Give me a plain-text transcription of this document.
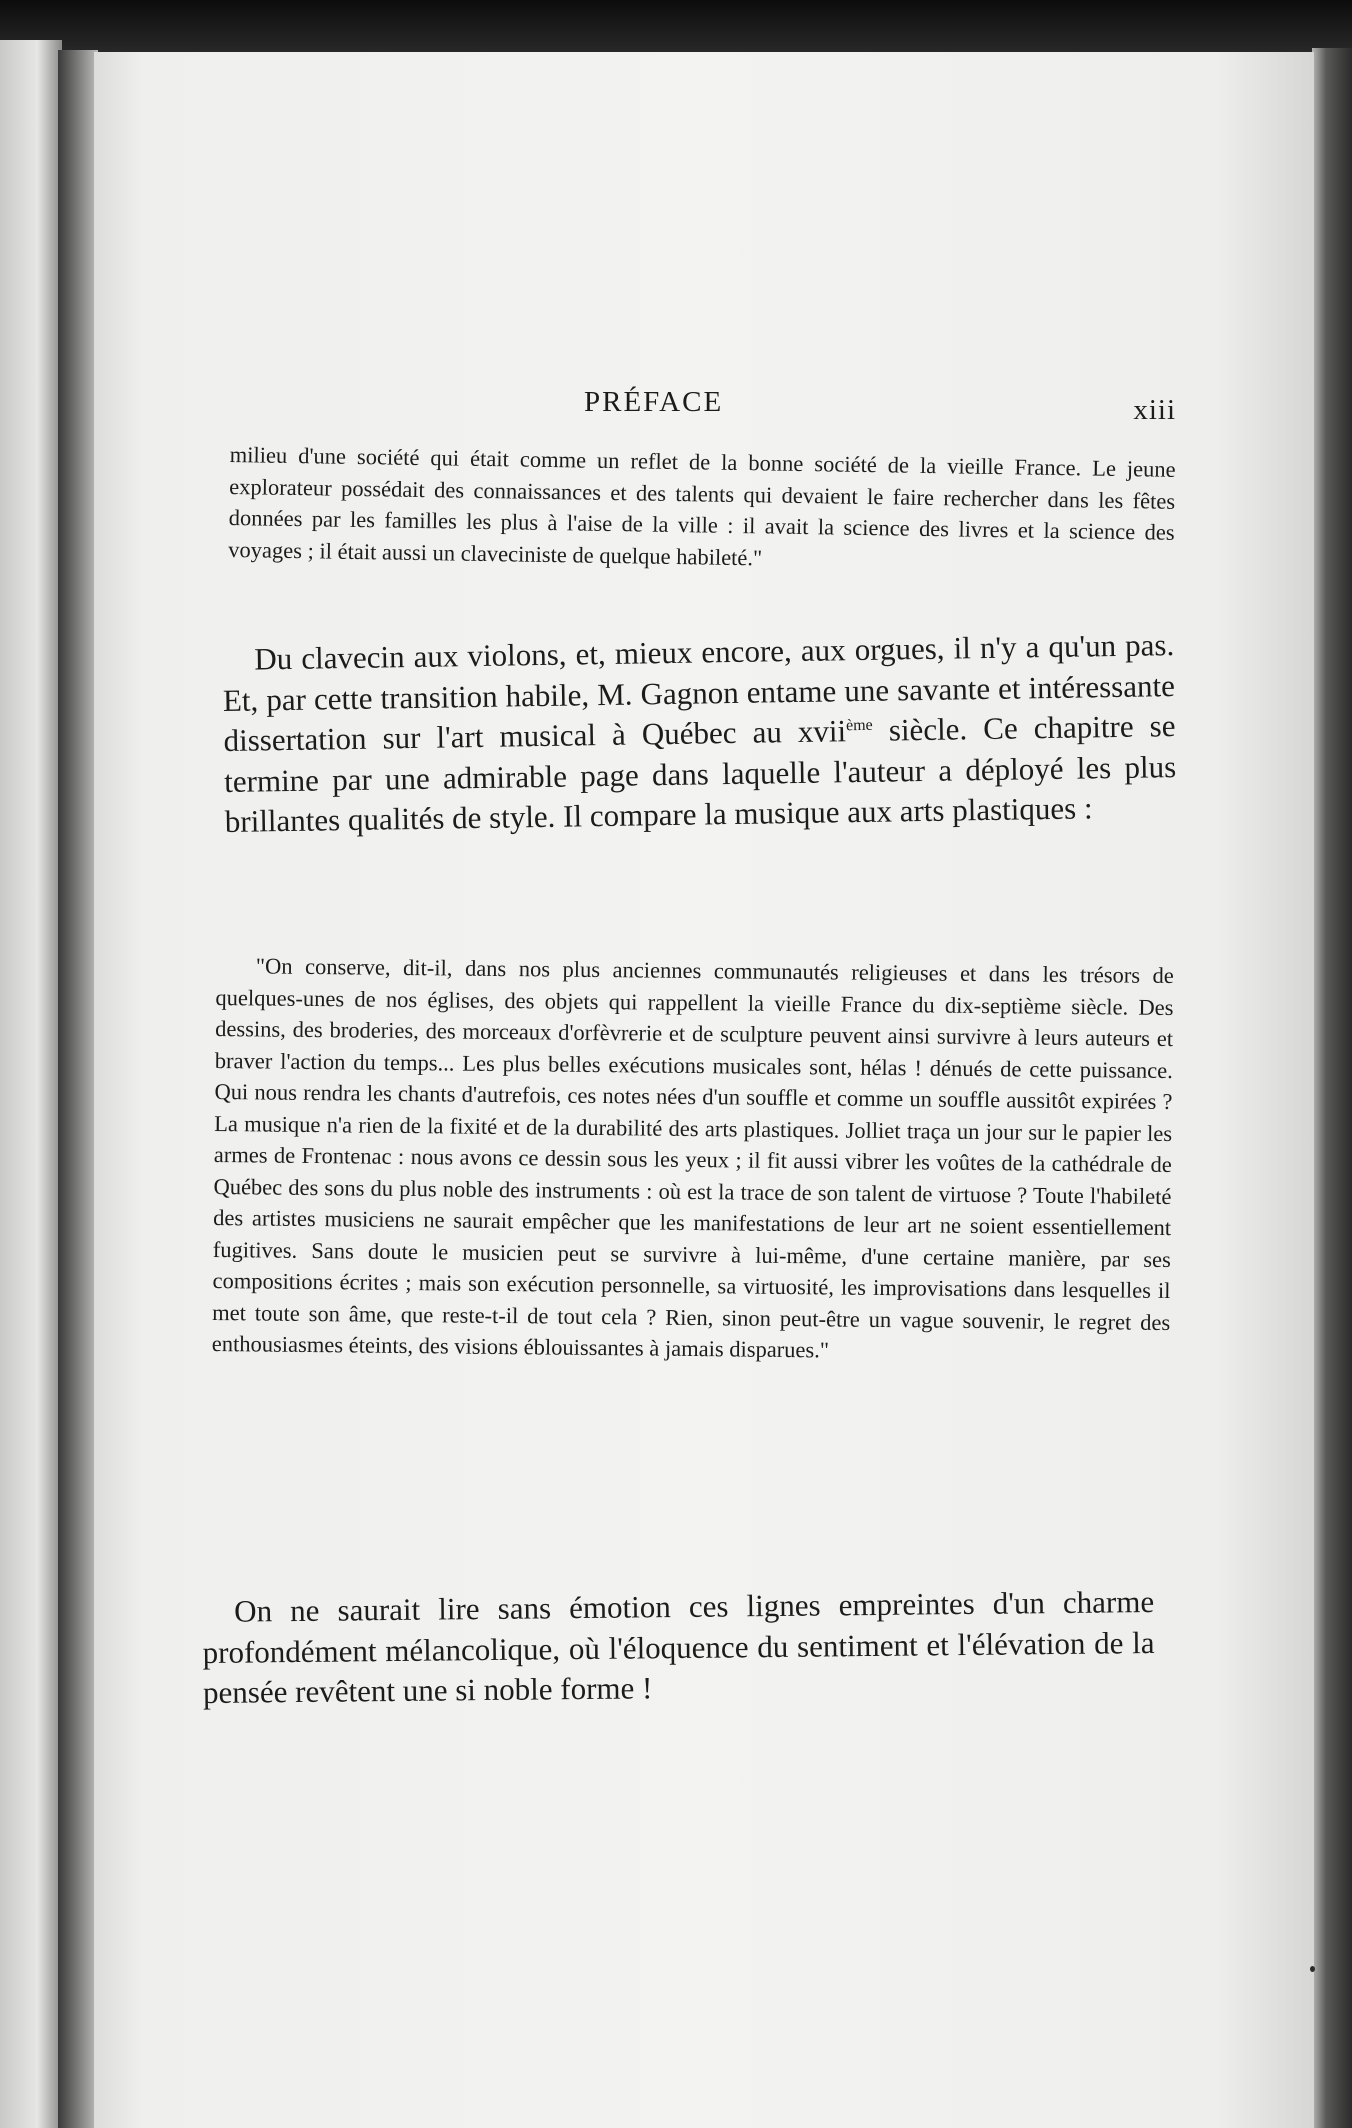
PRÉFACE	xiii

milieu d'une société qui était comme un reflet de la bonne société de la vieille France. Le jeune explorateur possédait des connaissances et des talents qui devaient le faire rechercher dans les fêtes données par les familles les plus à l'aise de la ville : il avait la science des livres et la science des voyages ; il était aussi un claveciniste de quelque habileté."

Du clavecin aux violons, et, mieux encore, aux orgues, il n'y a qu'un pas. Et, par cette transition habile, M. Gagnon entame une savante et intéressante dissertation sur l'art musical à Québec au xvii$^{ème}$ siècle. Ce chapitre se termine par une admirable page dans laquelle l'auteur a déployé les plus brillantes qualités de style. Il compare la musique aux arts plastiques :

"On conserve, dit-il, dans nos plus anciennes communautés religieuses et dans les trésors de quelques-unes de nos églises, des objets qui rappellent la vieille France du dix-septième siècle. Des dessins, des broderies, des morceaux d'orfèvrerie et de sculpture peuvent ainsi survivre à leurs auteurs et braver l'action du temps... Les plus belles exécutions musicales sont, hélas ! dénués de cette puissance. Qui nous rendra les chants d'autrefois, ces notes nées d'un souffle et comme un souffle aussitôt expirées ? La musique n'a rien de la fixité et de la durabilité des arts plastiques. Jolliet traça un jour sur le papier les armes de Frontenac : nous avons ce dessin sous les yeux ; il fit aussi vibrer les voûtes de la cathédrale de Québec des sons du plus noble des instruments : où est la trace de son talent de virtuose ? Toute l'habileté des artistes musiciens ne saurait empêcher que les manifestations de leur art ne soient essentiellement fugitives. Sans doute le musicien peut se survivre à lui-même, d'une certaine manière, par ses compositions écrites ; mais son exécution personnelle, sa virtuosité, les improvisations dans lesquelles il met toute son âme, que reste-t-il de tout cela ? Rien, sinon peut-être un vague souvenir, le regret des enthousiasmes éteints, des visions éblouissantes à jamais disparues."

On ne saurait lire sans émotion ces lignes empreintes d'un charme profondément mélancolique, où l'éloquence du sentiment et l'élévation de la pensée revêtent une si noble forme !
